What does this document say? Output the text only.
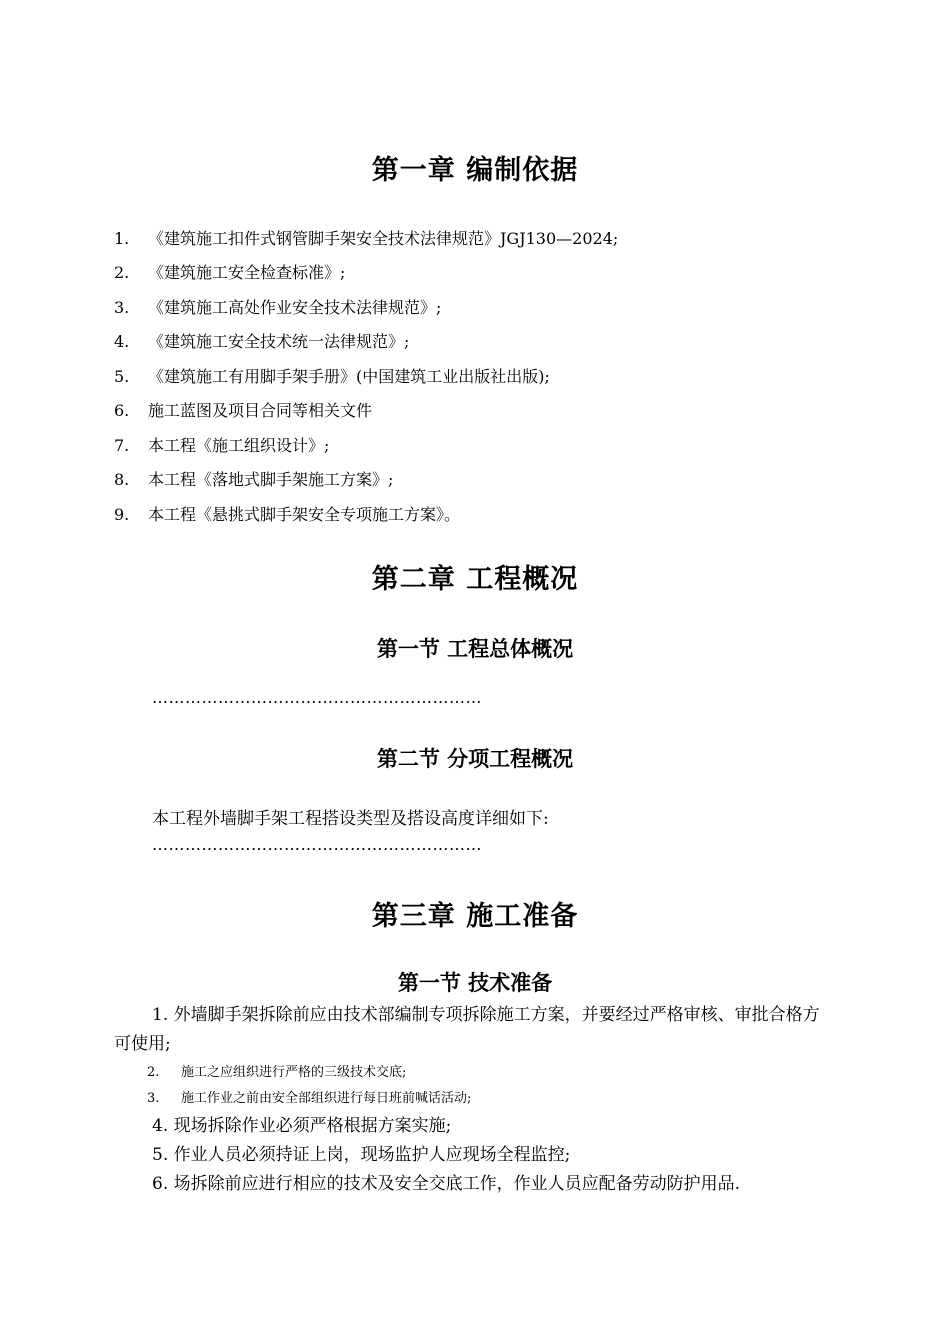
第一章 编制依据
1. 《建筑施工扣件式钢管脚手架安全技术法律规范》JGJ130—2024;
2. 《建筑施工安全检查标准》;
3. 《建筑施工高处作业安全技术法律规范》;
4. 《建筑施工安全技术统一法律规范》;
5. 《建筑施工有用脚手架手册》(中国建筑工业出版社出版);
6. 施工蓝图及项目合同等相关文件
7. 本工程《施工组织设计》;
8. 本工程《落地式脚手架施工方案》;
9. 本工程《悬挑式脚手架安全专项施工方案》。
第二章 工程概况
第一节 工程总体概况
……………………………………………………
第二节 分项工程概况
本工程外墙脚手架工程搭设类型及搭设高度详细如下:
……………………………………………………
第三章 施工准备
第一节 技术准备
1. 外墙脚手架拆除前应由技术部编制专项拆除施工方案，并要经过严格审核、审批合格方可使用;
2. 施工之应组织进行严格的三级技术交底;
3. 施工作业之前由安全部组织进行每日班前喊话活动;
4. 现场拆除作业必须严格根据方案实施;
5. 作业人员必须持证上岗，现场监护人应现场全程监控;
6. 场拆除前应进行相应的技术及安全交底工作，作业人员应配备劳动防护用品.
